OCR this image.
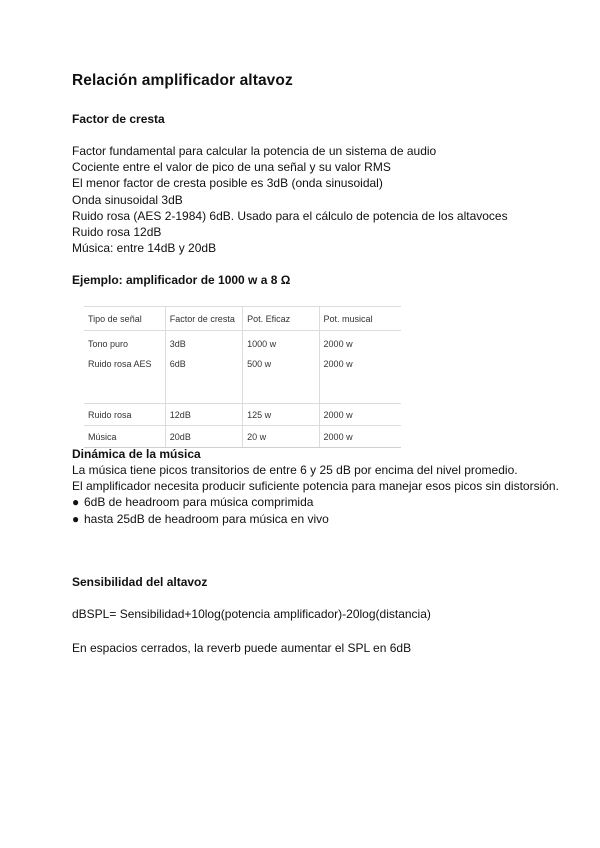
Relación amplificador altavoz
Factor de cresta
Factor fundamental para calcular la potencia de un sistema de audio
Cociente entre el valor de pico de una señal y su valor RMS
El menor factor de cresta posible es 3dB (onda sinusoidal)
Onda sinusoidal 3dB
Ruido rosa (AES 2-1984) 6dB. Usado para el cálculo de potencia de los altavoces
Ruido rosa 12dB
Música: entre 14dB y 20dB
Ejemplo: amplificador de 1000 w a 8 Ω
Tipo de señal	Factor de cresta	Pot. Eficaz	Pot. musical
Tono puro	3dB	1000 w	2000 w
Ruido rosa AES	6dB	500 w	2000 w
Ruido rosa	12dB	125 w	2000 w
Música	20dB	20 w	2000 w
Dinámica de la música
La música tiene picos transitorios de entre 6 y 25 dB por encima del nivel promedio.
El amplificador necesita producir suficiente potencia para manejar esos picos sin distorsión.
● 6dB de headroom para música comprimida
● hasta 25dB de headroom para música en vivo
Sensibilidad del altavoz
dBSPL= Sensibilidad+10log(potencia amplificador)-20log(distancia)
En espacios cerrados, la reverb puede aumentar el SPL en 6dB
